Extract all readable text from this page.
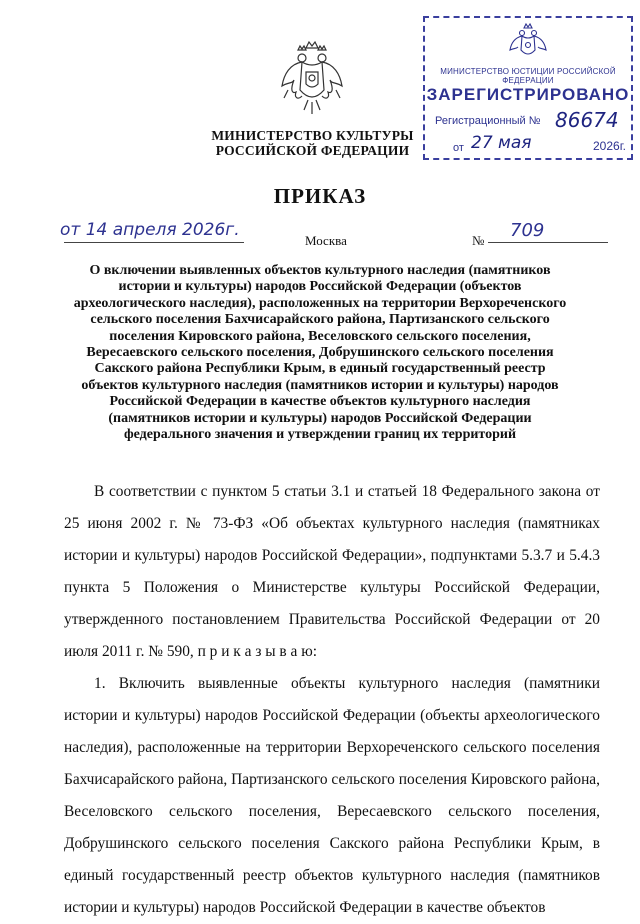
МИНИСТЕРСТВО КУЛЬТУРЫ
РОССИЙСКОЙ ФЕДЕРАЦИИ
МИНИСТЕРСТВО ЮСТИЦИИ РОССИЙСКОЙ ФЕДЕРАЦИИ
ЗАРЕГИСТРИРОВАНО
Регистрационный № 86674
от 27 мая	2026г.
ПРИКАЗ
от 14 апреля 2026г.
Москва	№ 709
О включении выявленных объектов культурного наследия (памятников истории и культуры) народов Российской Федерации (объектов археологического наследия), расположенных на территории Верхореченского сельского поселения Бахчисарайского района, Партизанского сельского поселения Кировского района, Веселовского сельского поселения, Вересаевского сельского поселения, Добрушинского сельского поселения Сакского района Республики Крым, в единый государственный реестр объектов культурного наследия (памятников истории и культуры) народов Российской Федерации в качестве объектов культурного наследия (памятников истории и культуры) народов Российской Федерации федерального значения и утверждении границ их территорий

В соответствии с пунктом 5 статьи 3.1 и статьей 18 Федерального закона от 25 июня 2002 г. № 73-ФЗ «Об объектах культурного наследия (памятниках истории и культуры) народов Российской Федерации», подпунктами 5.3.7 и 5.4.3 пункта 5 Положения о Министерстве культуры Российской Федерации, утвержденного постановлением Правительства Российской Федерации от 20 июля 2011 г. № 590, п р и к а з ы в а ю:

1. Включить выявленные объекты культурного наследия (памятники истории и культуры) народов Российской Федерации (объекты археологического наследия), расположенные на территории Верхореченского сельского поселения Бахчисарайского района, Партизанского сельского поселения Кировского района, Веселовского сельского поселения, Вересаевского сельского поселения, Добрушинского сельского поселения Сакского района Республики Крым, в единый государственный реестр объектов культурного наследия (памятников истории и культуры) народов Российской Федерации в качестве объектов
